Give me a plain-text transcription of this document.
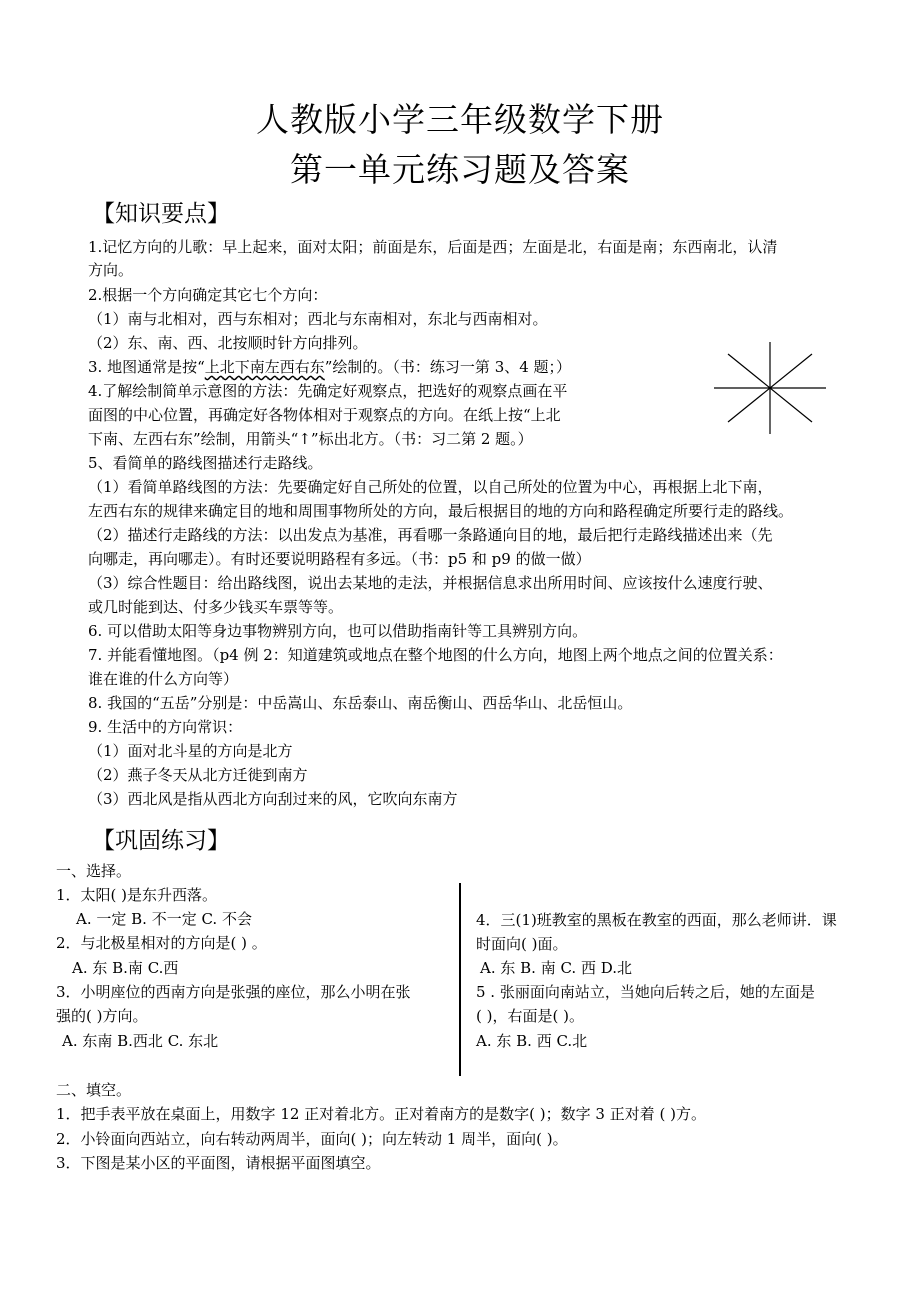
人教版小学三年级数学下册
第一单元练习题及答案
【知识要点】
1.记忆方向的儿歌：早上起来，面对太阳；前面是东，后面是西；左面是北，右面是南；东西南北，认清
方向。
2.根据一个方向确定其它七个方向：
（1）南与北相对，西与东相对；西北与东南相对，东北与西南相对。
（2）东、南、西、北按顺时针方向排列。
3. 地图通常是按“上北下南左西右东”绘制的。（书：练习一第 3、4 题；）
4.了解绘制简单示意图的方法：先确定好观察点，把选好的观察点画在平
面图的中心位置，再确定好各物体相对于观察点的方向。在纸上按“上北
下南、左西右东”绘制，用箭头“↑”标出北方。（书：习二第 2 题。）
5、看简单的路线图描述行走路线。
（1）看简单路线图的方法：先要确定好自己所处的位置，以自己所处的位置为中心，再根据上北下南，
左西右东的规律来确定目的地和周围事物所处的方向，最后根据目的地的方向和路程确定所要行走的路线。
（2）描述行走路线的方法：以出发点为基准，再看哪一条路通向目的地，最后把行走路线描述出来（先
向哪走，再向哪走）。有时还要说明路程有多远。（书：p5 和 p9 的做一做）
（3）综合性题目：给出路线图，说出去某地的走法，并根据信息求出所用时间、应该按什么速度行驶、
或几时能到达、付多少钱买车票等等。
6. 可以借助太阳等身边事物辨别方向，也可以借助指南针等工具辨别方向。
7. 并能看懂地图。（p4 例 2：知道建筑或地点在整个地图的什么方向，地图上两个地点之间的位置关系：
谁在谁的什么方向等）
8. 我国的“五岳”分别是：中岳嵩山、东岳泰山、南岳衡山、西岳华山、北岳恒山。
9. 生活中的方向常识：
（1）面对北斗星的方向是北方
（2）燕子冬天从北方迁徙到南方
（3）西北风是指从西北方向刮过来的风，它吹向东南方
【巩固练习】
一、选择。
1．太阳( )是东升西落。
A. 一定 B. 不一定 C. 不会
2．与北极星相对的方向是( ) 。
A. 东 B.南 C.西
3．小明座位的西南方向是张强的座位，那么小明在张
强的( )方向。
A. 东南 B.西北 C. 东北
4．三(1)班教室的黑板在教室的西面，那么老师讲．课
时面向( )面。
A. 东 B. 南 C. 西 D.北
5 . 张丽面向南站立，当她向后转之后，她的左面是
( )，右面是( )。
A. 东 B. 西 C.北
二、填空。
1．把手表平放在桌面上，用数字 12 正对着北方。正对着南方的是数字( )；数字 3 正对着 ( )方。
2．小铃面向西站立，向右转动两周半，面向( )；向左转动 1 周半，面向( )。
3．下图是某小区的平面图，请根据平面图填空。
